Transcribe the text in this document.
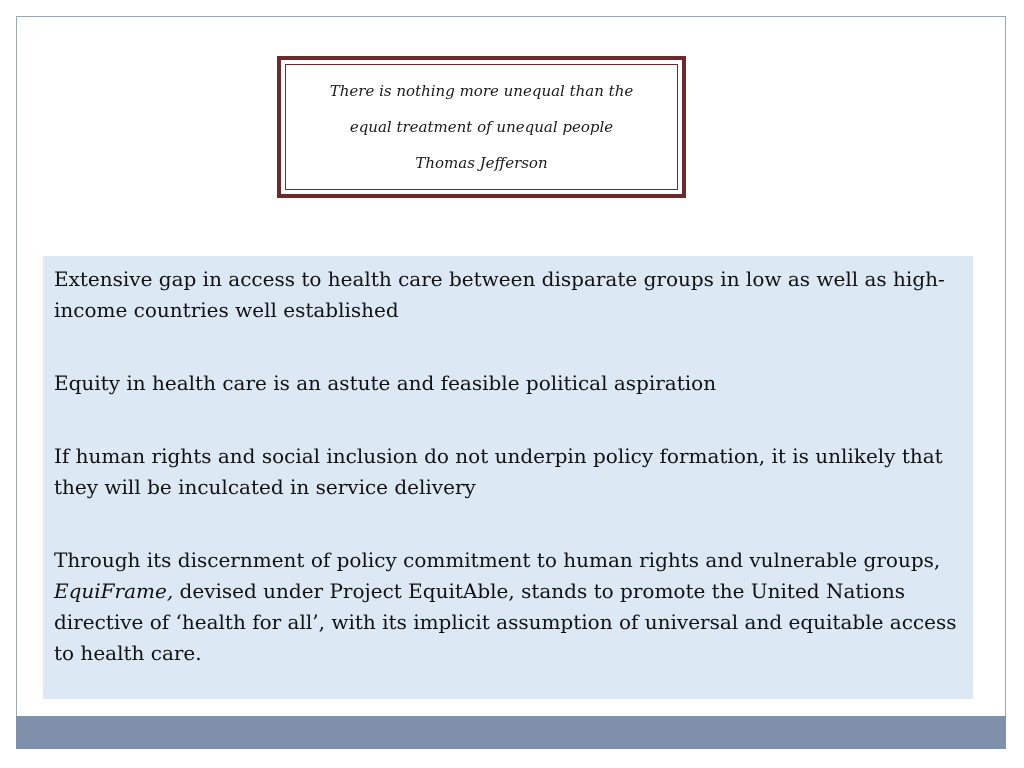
There is nothing more unequal than the
equal treatment of unequal people
Thomas Jefferson

Extensive gap in access to health care between disparate groups in low as well as high-income countries well established

Equity in health care is an astute and feasible political aspiration

If human rights and social inclusion do not underpin policy formation, it is unlikely that they will be inculcated in service delivery

Through its discernment of policy commitment to human rights and vulnerable groups, EquiFrame, devised under Project EquitAble, stands to promote the United Nations directive of ‘health for all’, with its implicit assumption of universal and equitable access to health care.
